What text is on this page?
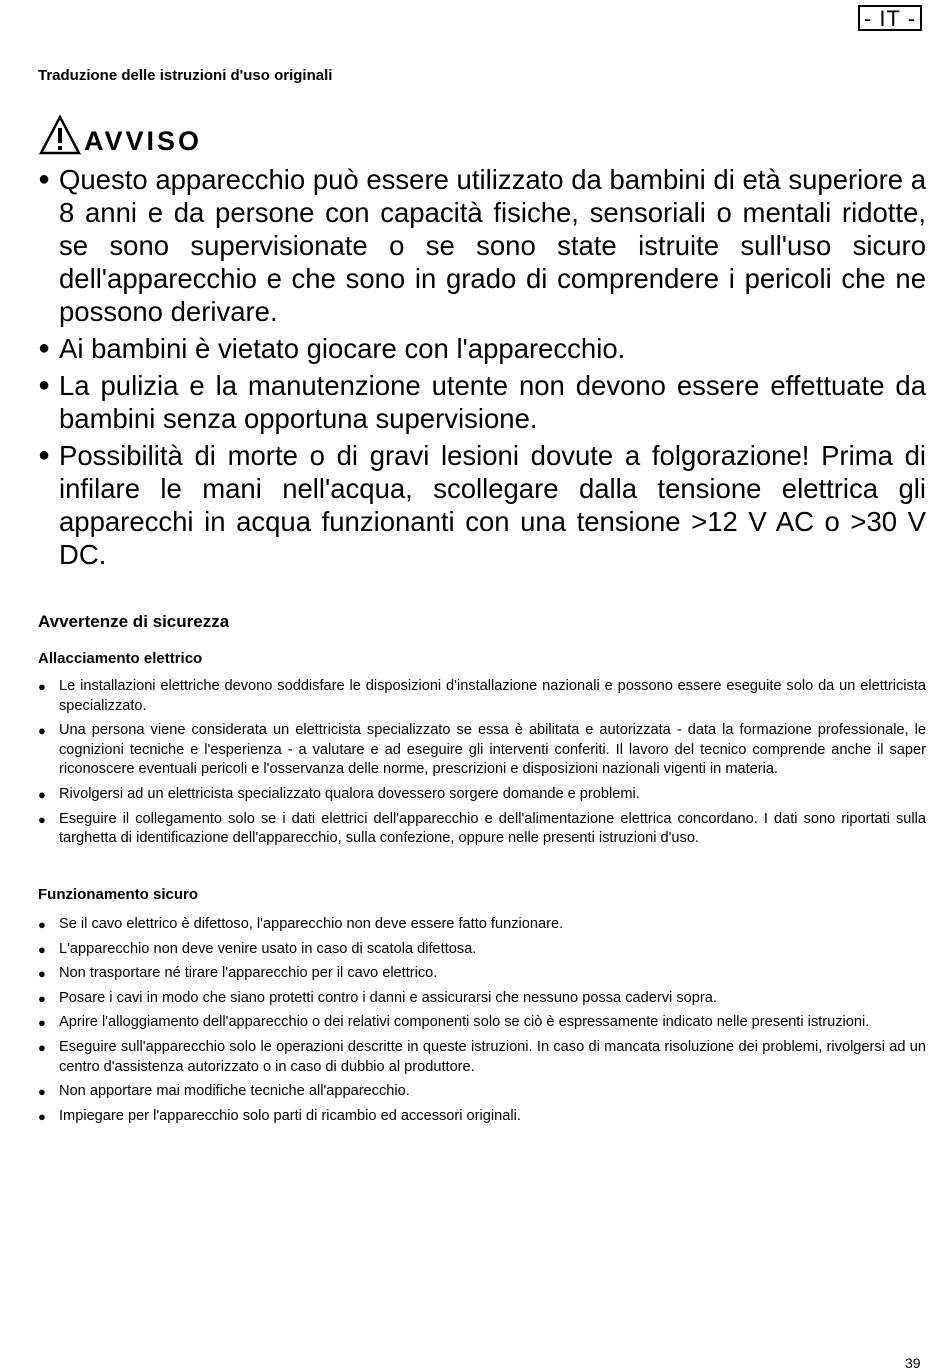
- IT -
Traduzione delle istruzioni d'uso originali
AVVISO
● Questo apparecchio può essere utilizzato da bambini di età superiore a 8 anni e da persone con capacità fisiche, sensoriali o mentali ridotte, se sono supervisionate o se sono state istruite sull'uso sicuro dell'apparecchio e che sono in grado di comprendere i pericoli che ne possono derivare.
● Ai bambini è vietato giocare con l'apparecchio.
● La pulizia e la manutenzione utente non devono essere effettuate da bambini senza opportuna supervisione.
● Possibilità di morte o di gravi lesioni dovute a folgorazione! Prima di infilare le mani nell'acqua, scollegare dalla tensione elettrica gli apparecchi in acqua funzionanti con una tensione >12 V AC o >30 V DC.
Avvertenze di sicurezza
Allacciamento elettrico
● Le installazioni elettriche devono soddisfare le disposizioni d'installazione nazionali e possono essere eseguite solo da un elettricista specializzato.
● Una persona viene considerata un elettricista specializzato se essa è abilitata e autorizzata - data la formazione professionale, le cognizioni tecniche e l'esperienza - a valutare e ad eseguire gli interventi conferiti. Il lavoro del tecnico comprende anche il saper riconoscere eventuali pericoli e l'osservanza delle norme, prescrizioni e disposizioni nazionali vigenti in materia.
● Rivolgersi ad un elettricista specializzato qualora dovessero sorgere domande e problemi.
● Eseguire il collegamento solo se i dati elettrici dell'apparecchio e dell'alimentazione elettrica concordano. I dati sono riportati sulla targhetta di identificazione dell'apparecchio, sulla confezione, oppure nelle presenti istruzioni d'uso.
Funzionamento sicuro
● Se il cavo elettrico è difettoso, l'apparecchio non deve essere fatto funzionare.
● L'apparecchio non deve venire usato in caso di scatola difettosa.
● Non trasportare né tirare l'apparecchio per il cavo elettrico.
● Posare i cavi in modo che siano protetti contro i danni e assicurarsi che nessuno possa cadervi sopra.
● Aprire l'alloggiamento dell'apparecchio o dei relativi componenti solo se ciò è espressamente indicato nelle presenti istruzioni.
● Eseguire sull'apparecchio solo le operazioni descritte in queste istruzioni. In caso di mancata risoluzione dei problemi, rivolgersi ad un centro d'assistenza autorizzato o in caso di dubbio al produttore.
● Non apportare mai modifiche tecniche all'apparecchio.
● Impiegare per l'apparecchio solo parti di ricambio ed accessori originali.
39
